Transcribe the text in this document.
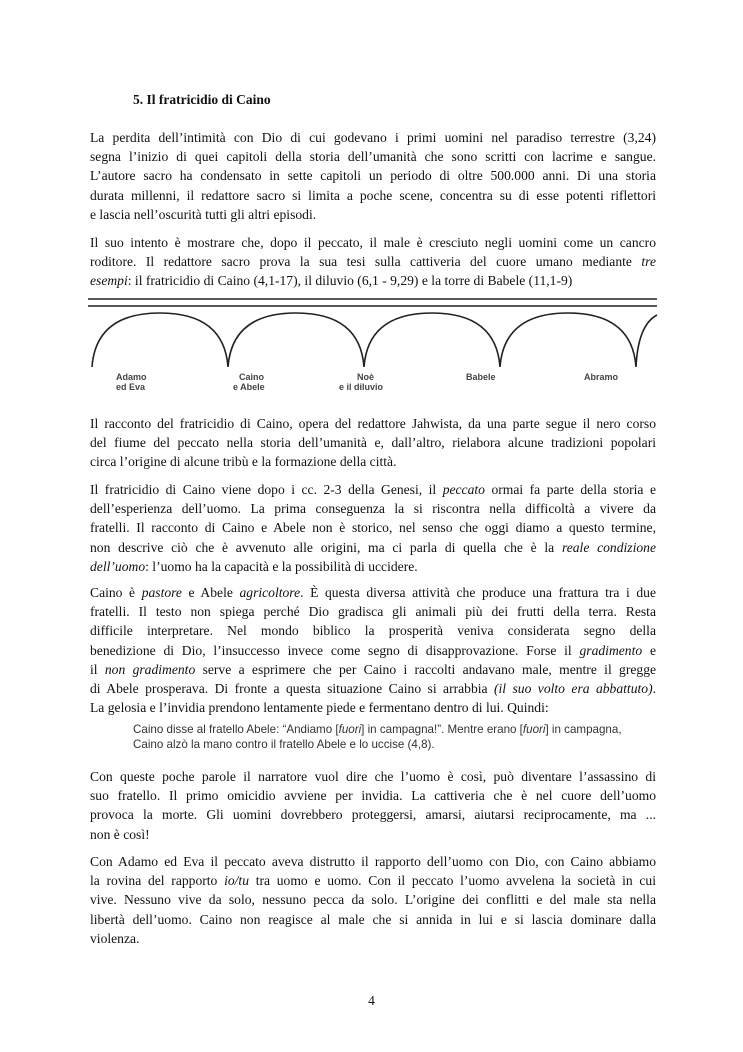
5. Il fratricidio di Caino

La perdita dell’intimità con Dio di cui godevano i primi uomini nel paradiso terrestre (3,24)
segna l’inizio di quei capitoli della storia dell’umanità che sono scritti con lacrime e sangue.
L’autore sacro ha condensato in sette capitoli un periodo di oltre 500.000 anni. Di una storia
durata millenni, il redattore sacro si limita a poche scene, concentra su di esse potenti riflettori
e lascia nell’oscurità tutti gli altri episodi.

Il suo intento è mostrare che, dopo il peccato, il male è cresciuto negli uomini come un cancro
roditore. Il redattore sacro prova la sua tesi sulla cattiveria del cuore umano mediante tre
esempi: il fratricidio di Caino (4,1-17), il diluvio (6,1 - 9,29) e la torre di Babele (11,1-9)

Adamo
ed Eva
Caino
e Abele
Noè
e il diluvio
Babele	Abramo

Il racconto del fratricidio di Caino, opera del redattore Jahwista, da una parte segue il nero corso
del fiume del peccato nella storia dell’umanità e, dall’altro, rielabora alcune tradizioni popolari
circa l’origine di alcune tribù e la formazione della città.

Il fratricidio di Caino viene dopo i cc. 2-3 della Genesi, il peccato ormai fa parte della storia e
dell’esperienza dell’uomo. La prima conseguenza la si riscontra nella difficoltà a vivere da
fratelli. Il racconto di Caino e Abele non è storico, nel senso che oggi diamo a questo termine,
non descrive ciò che è avvenuto alle origini, ma ci parla di quella che è la reale condizione
dell’uomo: l’uomo ha la capacità e la possibilità di uccidere.

Caino è pastore e Abele agricoltore. È questa diversa attività che produce una frattura tra i due
fratelli. Il testo non spiega perché Dio gradisca gli animali più dei frutti della terra. Resta
difficile interpretare. Nel mondo biblico la prosperità veniva considerata segno della
benedizione di Dio, l’insuccesso invece come segno di disapprovazione. Forse il gradimento e
il non gradimento serve a esprimere che per Caino i raccolti andavano male, mentre il gregge
di Abele prosperava. Di fronte a questa situazione Caino si arrabbia (il suo volto era abbattuto).
La gelosia e l’invidia prendono lentamente piede e fermentano dentro di lui. Quindi:

Caino disse al fratello Abele: “Andiamo [fuori] in campagna!”. Mentre erano [fuori] in campagna,
Caino alzò la mano contro il fratello Abele e lo uccise (4,8).

Con queste poche parole il narratore vuol dire che l’uomo è così, può diventare l’assassino di
suo fratello. Il primo omicidio avviene per invidia. La cattiveria che è nel cuore dell’uomo
provoca la morte. Gli uomini dovrebbero proteggersi, amarsi, aiutarsi reciprocamente, ma ...
non è così!

Con Adamo ed Eva il peccato aveva distrutto il rapporto dell’uomo con Dio, con Caino abbiamo
la rovina del rapporto io/tu tra uomo e uomo. Con il peccato l’uomo avvelena la società in cui
vive. Nessuno vive da solo, nessuno pecca da solo. L’origine dei conflitti e del male sta nella
libertà dell’uomo. Caino non reagisce al male che si annida in lui e si lascia dominare dalla
violenza.

4
